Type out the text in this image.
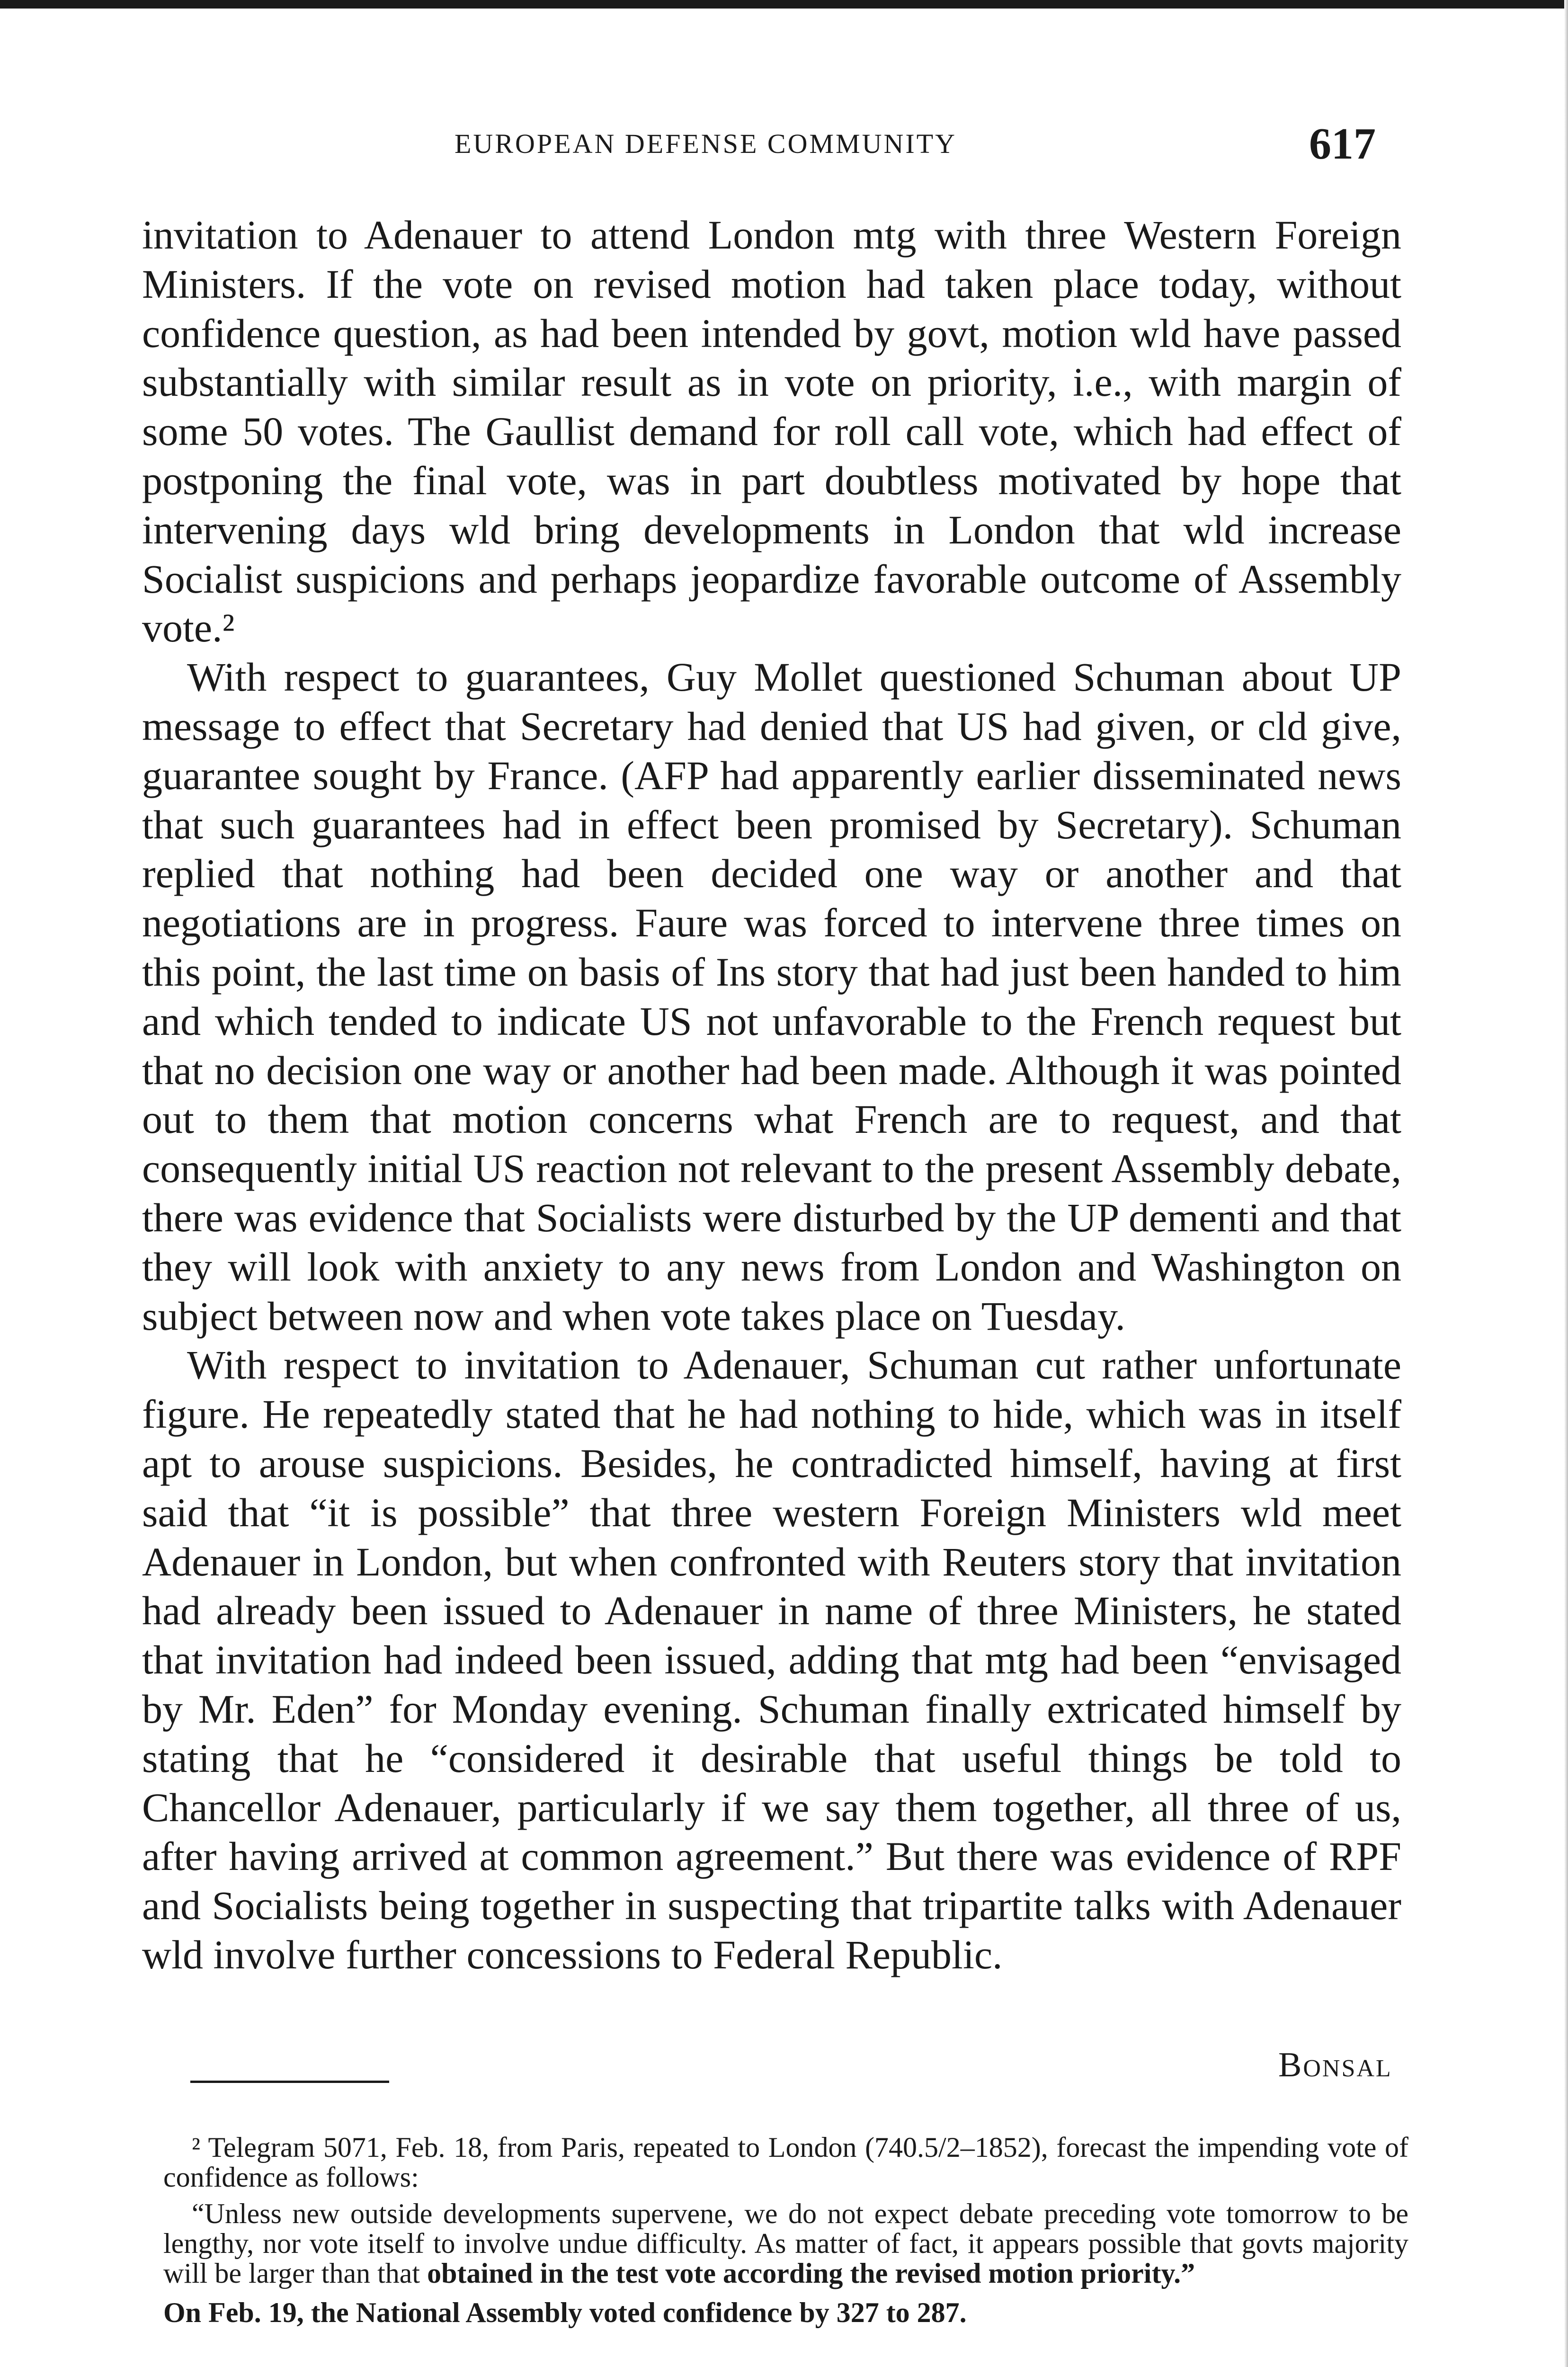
EUROPEAN DEFENSE COMMUNITY	617

invitation to Adenauer to attend London mtg with three Western Foreign Ministers. If the vote on revised motion had taken place today, without confidence question, as had been intended by govt, motion wld have passed substantially with similar result as in vote on priority, i.e., with margin of some 50 votes. The Gaullist demand for roll call vote, which had effect of postponing the final vote, was in part doubtless motivated by hope that intervening days wld bring developments in London that wld increase Socialist suspicions and perhaps jeopardize favorable outcome of Assembly vote.²

With respect to guarantees, Guy Mollet questioned Schuman about UP message to effect that Secretary had denied that US had given, or cld give, guarantee sought by France. (AFP had apparently earlier disseminated news that such guarantees had in effect been promised by Secretary). Schuman replied that nothing had been decided one way or another and that negotiations are in progress. Faure was forced to intervene three times on this point, the last time on basis of Ins story that had just been handed to him and which tended to indicate US not unfavorable to the French request but that no decision one way or another had been made. Although it was pointed out to them that motion concerns what French are to request, and that consequently initial US reaction not relevant to the present Assembly debate, there was evidence that Socialists were disturbed by the UP dementi and that they will look with anxiety to any news from London and Washington on subject between now and when vote takes place on Tuesday.

With respect to invitation to Adenauer, Schuman cut rather unfortunate figure. He repeatedly stated that he had nothing to hide, which was in itself apt to arouse suspicions. Besides, he contradicted himself, having at first said that “it is possible” that three western Foreign Ministers wld meet Adenauer in London, but when confronted with Reuters story that invitation had already been issued to Adenauer in name of three Ministers, he stated that invitation had indeed been issued, adding that mtg had been “envisaged by Mr. Eden” for Monday evening. Schuman finally extricated himself by stating that he “considered it desirable that useful things be told to Chancellor Adenauer, particularly if we say them together, all three of us, after having arrived at common agreement.” But there was evidence of RPF and Socialists being together in suspecting that tripartite talks with Adenauer wld involve further concessions to Federal Republic.

Bonsal

² Telegram 5071, Feb. 18, from Paris, repeated to London (740.5/2–1852), forecast the impending vote of confidence as follows:

“Unless new outside developments supervene, we do not expect debate preceding vote tomorrow to be lengthy, nor vote itself to involve undue difficulty. As matter of fact, it appears possible that govts majority will be larger than that obtained in the test vote according the revised motion priority.”

On Feb. 19, the National Assembly voted confidence by 327 to 287.
